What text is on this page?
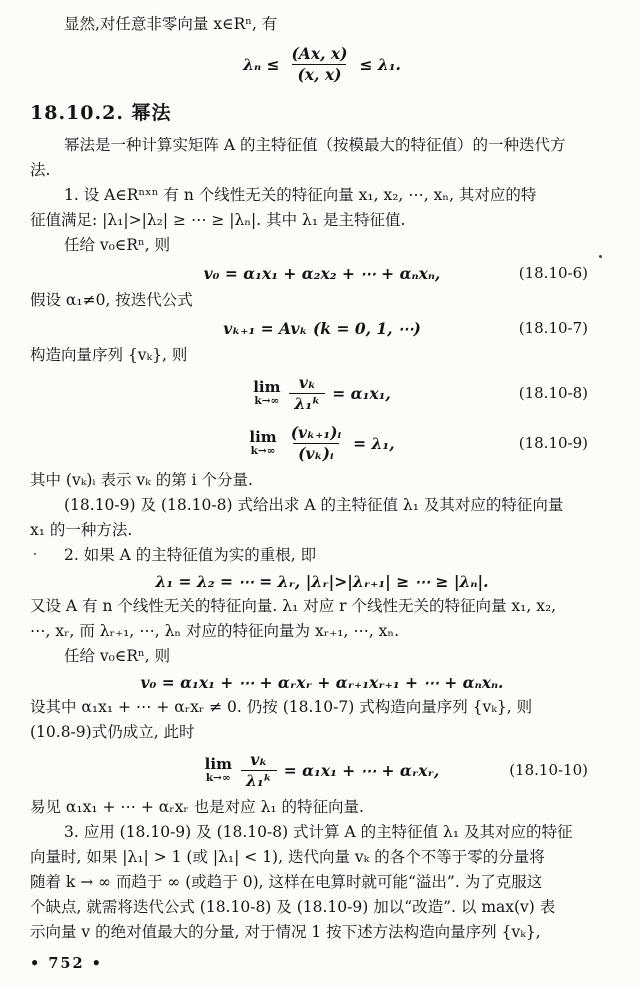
显然,对任意非零向量 x∈Rⁿ, 有
$\lambda_n \le \frac{(Ax, x)}{(x, x)} \le \lambda_1$.
18.10.2. 幂法
幂法是一种计算实矩阵 A 的主特征值（按模最大的特征值）的一种迭代方
法.
1. 设 A∈Rⁿˣⁿ 有 n 个线性无关的特征向量 x₁, x₂, ⋯, xₙ, 其对应的特
征值满足: |λ₁|>|λ₂| ≥ ⋯ ≥ |λₙ|. 其中 λ₁ 是主特征值.
任给 v₀∈Rⁿ, 则
v₀ = α₁x₁ + α₂x₂ + ⋯ + αₙxₙ,	(18.10-6)
假设 α₁≠0, 按迭代公式
vₖ₊₁ = Avₖ (k = 0, 1, ⋯)	(18.10-7)
构造向量序列 {vₖ}, 则
lim
$k\to\infty \frac{\text{vₖ}}{\text{λ₁ᵏ}} = \alpha_1x_1$,	(18.10-8)
lim
$k\to\infty \frac{\text{(vₖ₊₁)ᵢ}}{\text{(vₖ)ᵢ}} = \lambda_1$,	(18.10-9)
其中 (vₖ)ᵢ 表示 vₖ 的第 i 个分量.
(18.10-9) 及 (18.10-8) 式给出求 A 的主特征值 λ₁ 及其对应的特征向量
x₁ 的一种方法.
2. 如果 A 的主特征值为实的重根, 即
λ₁ = λ₂ = ⋯ = λᵣ, |λᵣ|>|λᵣ₊₁| ≥ ⋯ ≥ |λₙ|.
又设 A 有 n 个线性无关的特征向量. λ₁ 对应 r 个线性无关的特征向量 x₁, x₂,
⋯, xᵣ, 而 λᵣ₊₁, ⋯, λₙ 对应的特征向量为 xᵣ₊₁, ⋯, xₙ.
任给 v₀∈Rⁿ, 则
v₀ = α₁x₁ + ⋯ + αᵣxᵣ + αᵣ₊₁xᵣ₊₁ + ⋯ + αₙxₙ.
设其中 α₁x₁ + ⋯ + αᵣxᵣ ≠ 0. 仍按 (18.10-7) 式构造向量序列 {vₖ}, 则
(10.8-9)式仍成立, 此时
lim
$k\to\infty \frac{\text{vₖ}}{\text{λ₁ᵏ}} = \alpha_1x_1$ + ⋯ + αᵣxᵣ,	(18.10-10)
易见 α₁x₁ + ⋯ + αᵣxᵣ 也是对应 λ₁ 的特征向量.
3. 应用 (18.10-9) 及 (18.10-8) 式计算 A 的主特征值 λ₁ 及其对应的特征
向量时, 如果 |λ₁| > 1 (或 |λ₁| < 1), 迭代向量 vₖ 的各个不等于零的分量将
随着 k → ∞ 而趋于 ∞ (或趋于 0), 这样在电算时就可能“溢出”. 为了克服这
个缺点, 就需将迭代公式 (18.10-8) 及 (18.10-9) 加以“改造”. 以 max(v) 表
示向量 v 的绝对值最大的分量, 对于情况 1 按下述方法构造向量序列 {vₖ},
• 752 •
